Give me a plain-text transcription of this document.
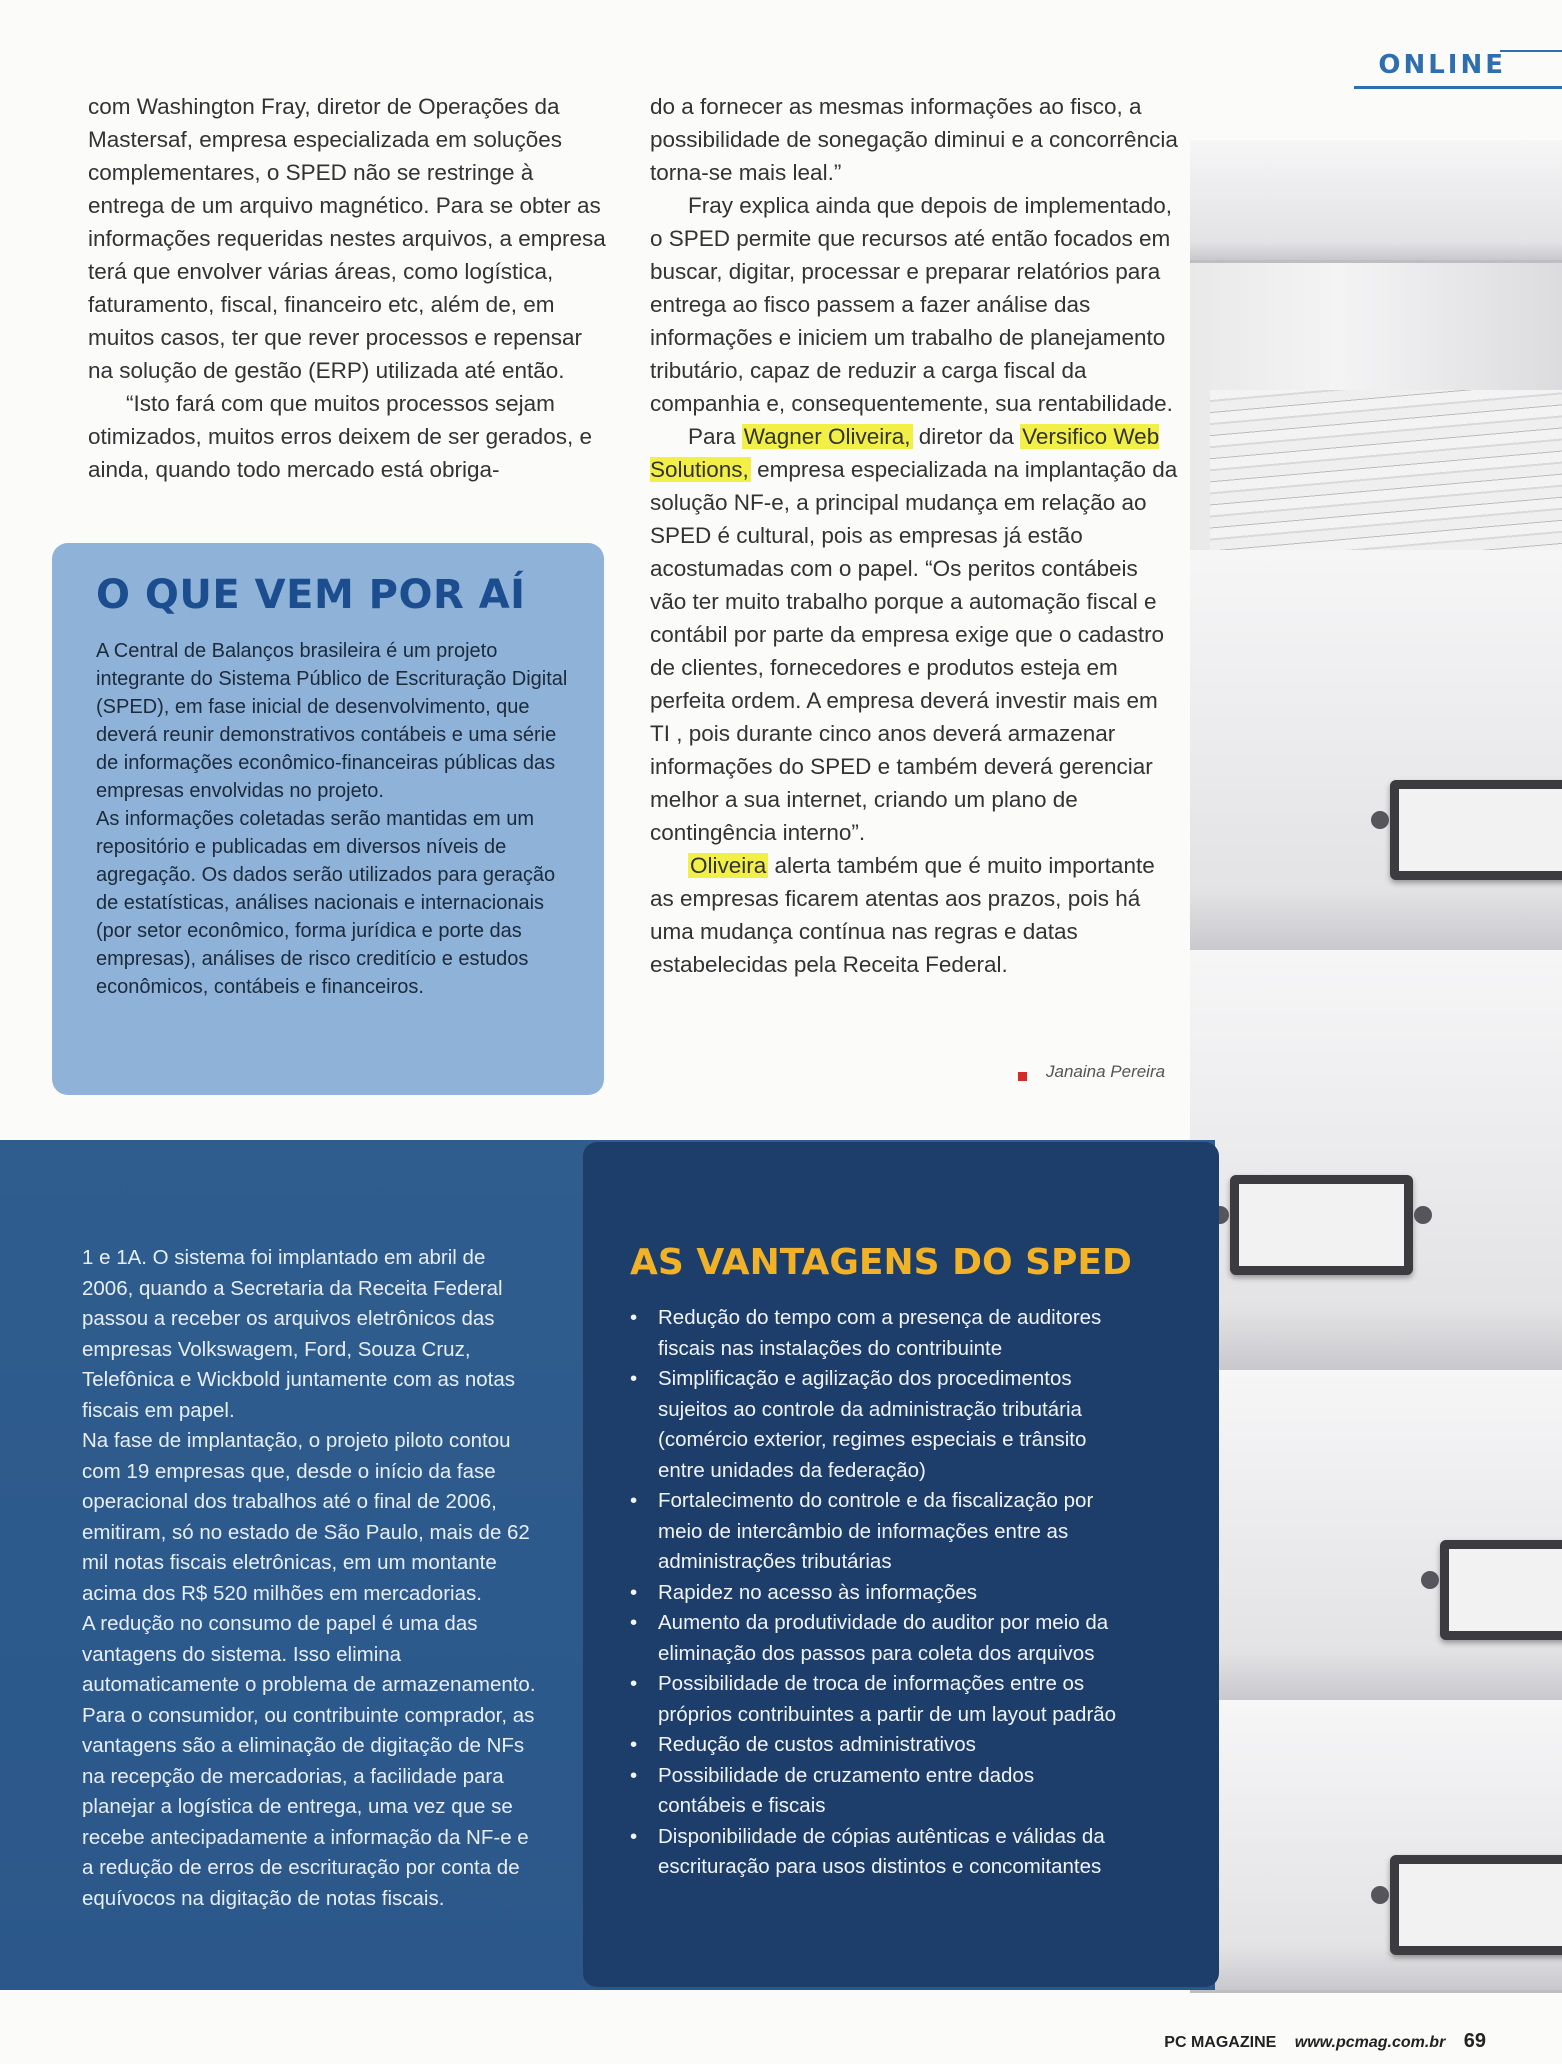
ONLINE

com Washington Fray, diretor de Operações da Mastersaf, empresa especializada em soluções complementares, o SPED não se restringe à entrega de um arquivo magnético. Para se obter as informações requeridas nestes arquivos, a empresa terá que envolver várias áreas, como logística, faturamento, fiscal, financeiro etc, além de, em muitos casos, ter que rever processos e repensar na solução de gestão (ERP) utilizada até então.

“Isto fará com que muitos processos sejam otimizados, muitos erros deixem de ser gerados, e ainda, quando todo mercado está obriga-

do a fornecer as mesmas informações ao fisco, a possibilidade de sonegação diminui e a concorrência torna-se mais leal.”

Fray explica ainda que depois de implementado, o SPED permite que recursos até então focados em buscar, digitar, processar e preparar relatórios para entrega ao fisco passem a fazer análise das informações e iniciem um trabalho de planejamento tributário, capaz de reduzir a carga fiscal da companhia e, consequentemente, sua rentabilidade.

Para Wagner Oliveira, diretor da Versifico Web Solutions, empresa especializada na implantação da solução NF-e, a principal mudança em relação ao SPED é cultural, pois as empresas já estão acostumadas com o papel. “Os peritos contábeis vão ter muito trabalho porque a automação fiscal e contábil por parte da empresa exige que o cadastro de clientes, fornecedores e produtos esteja em perfeita ordem. A empresa deverá investir mais em TI , pois durante cinco anos deverá armazenar informações do SPED e também deverá gerenciar melhor a sua internet, criando um plano de contingência interno”.

Oliveira alerta também que é muito importante as empresas ficarem atentas aos prazos, pois há uma mudança contínua nas regras e datas estabelecidas pela Receita Federal.

Janaina Pereira
O QUE VEM POR AÍ

A Central de Balanços brasileira é um projeto integrante do Sistema Público de Escrituração Digital (SPED), em fase inicial de desenvolvimento, que deverá reunir demonstrativos contábeis e uma série de informações econômico-financeiras públicas das empresas envolvidas no projeto.

As informações coletadas serão mantidas em um repositório e publicadas em diversos níveis de agregação. Os dados serão utilizados para geração de estatísticas, análises nacionais e internacionais (por setor econômico, forma jurídica e porte das empresas), análises de risco creditício e estudos econômicos, contábeis e financeiros.

1 e 1A. O sistema foi implantado em abril de 2006, quando a Secretaria da Receita Federal passou a receber os arquivos eletrônicos das empresas Volkswagem, Ford, Souza Cruz, Telefônica e Wickbold juntamente com as notas fiscais em papel.

Na fase de implantação, o projeto piloto contou com 19 empresas que, desde o início da fase operacional dos trabalhos até o final de 2006, emitiram, só no estado de São Paulo, mais de 62 mil notas fiscais eletrônicas, em um montante acima dos R$ 520 milhões em mercadorias.

A redução no consumo de papel é uma das vantagens do sistema. Isso elimina automaticamente o problema de armazenamento. Para o consumidor, ou contribuinte comprador, as vantagens são a eliminação de digitação de NFs na recepção de mercadorias, a facilidade para planejar a logística de entrega, uma vez que se recebe antecipadamente a informação da NF-e e a redução de erros de escrituração por conta de equívocos na digitação de notas fiscais.

AS VANTAGENS DO SPED
• Redução do tempo com a presença de auditores fiscais nas instalações do contribuinte
• Simplificação e agilização dos procedimentos sujeitos ao controle da administração tributária (comércio exterior, regimes especiais e trânsito entre unidades da federação)
• Fortalecimento do controle e da fiscalização por meio de intercâmbio de informações entre as administrações tributárias
• Rapidez no acesso às informações
• Aumento da produtividade do auditor por meio da eliminação dos passos para coleta dos arquivos
• Possibilidade de troca de informações entre os próprios contribuintes a partir de um layout padrão
• Redução de custos administrativos
• Possibilidade de cruzamento entre dados contábeis e fiscais
• Disponibilidade de cópias autênticas e válidas da escrituração para usos distintos e concomitantes
PC MAGAZINE www.pcmag.com.br 69
